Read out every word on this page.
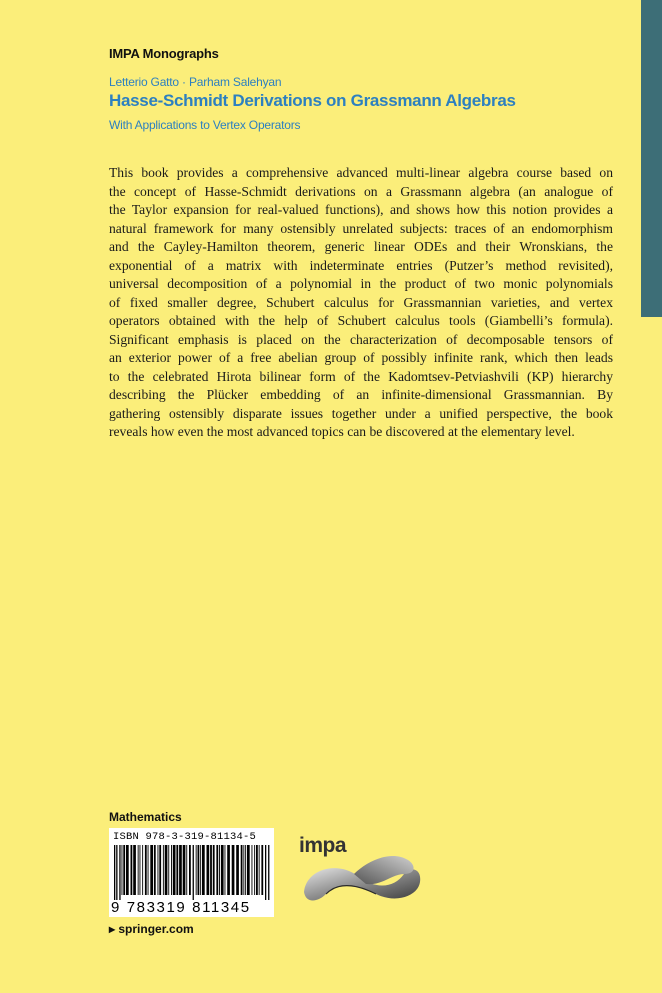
IMPA Monographs
Letterio Gatto · Parham Salehyan
Hasse-Schmidt Derivations on Grassmann Algebras
With Applications to Vertex Operators
This book provides a comprehensive advanced multi-linear algebra course based on
the concept of Hasse-Schmidt derivations on a Grassmann algebra (an analogue of
the Taylor expansion for real-valued functions), and shows how this notion provides a
natural framework for many ostensibly unrelated subjects: traces of an endomorphism
and the Cayley-Hamilton theorem, generic linear ODEs and their Wronskians, the
exponential of a matrix with indeterminate entries (Putzer’s method revisited),
universal decomposition of a polynomial in the product of two monic polynomials
of fixed smaller degree, Schubert calculus for Grassmannian varieties, and vertex
operators obtained with the help of Schubert calculus tools (Giambelli’s formula).
Significant emphasis is placed on the characterization of decomposable tensors of
an exterior power of a free abelian group of possibly infinite rank, which then leads
to the celebrated Hirota bilinear form of the Kadomtsev-Petviashvili (KP) hierarchy
describing the Plücker embedding of an infinite-dimensional Grassmannian. By
gathering ostensibly disparate issues together under a unified perspective, the book
reveals how even the most advanced topics can be discovered at the elementary level.
Mathematics
ISBN 978-3-319-81134-5
9 783319 811345
impa
▸ springer.com
